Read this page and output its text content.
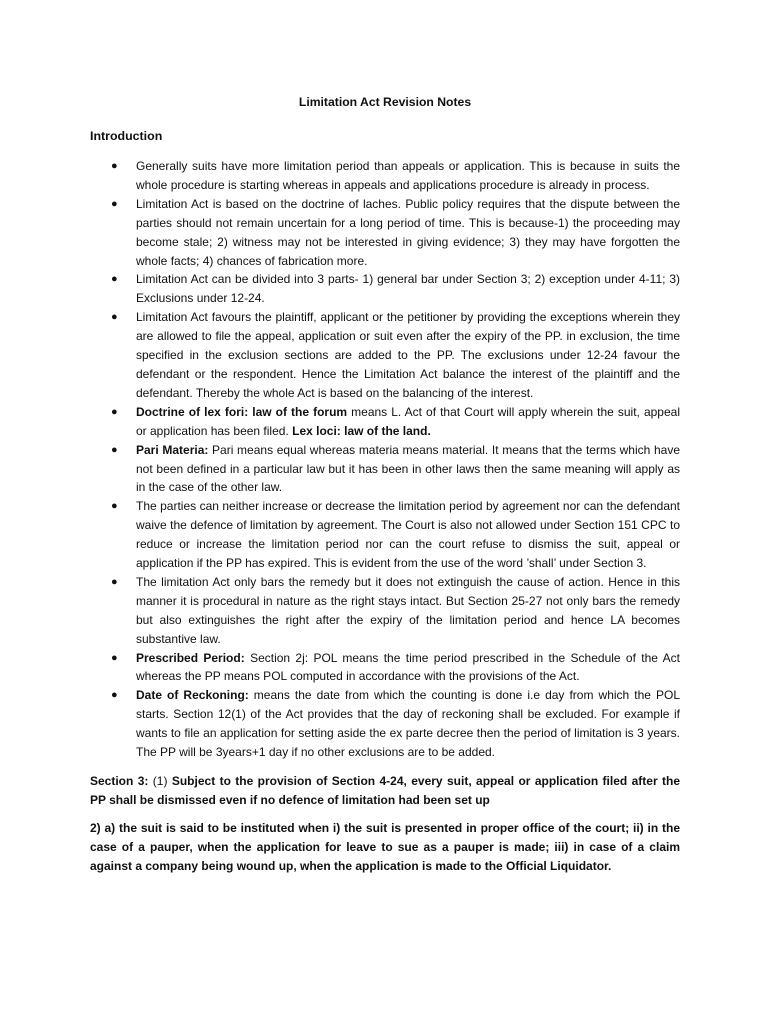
Limitation Act Revision Notes
Introduction
● Generally suits have more limitation period than appeals or application. This is because in suits the whole procedure is starting whereas in appeals and applications procedure is already in process.
● Limitation Act is based on the doctrine of laches. Public policy requires that the dispute between the parties should not remain uncertain for a long period of time. This is because-1) the proceeding may become stale; 2) witness may not be interested in giving evidence; 3) they may have forgotten the whole facts; 4) chances of fabrication more.
● Limitation Act can be divided into 3 parts- 1) general bar under Section 3; 2) exception under 4-11; 3) Exclusions under 12-24.
● Limitation Act favours the plaintiff, applicant or the petitioner by providing the exceptions wherein they are allowed to file the appeal, application or suit even after the expiry of the PP. in exclusion, the time specified in the exclusion sections are added to the PP. The exclusions under 12-24 favour the defendant or the respondent. Hence the Limitation Act balance the interest of the plaintiff and the defendant. Thereby the whole Act is based on the balancing of the interest.
● Doctrine of lex fori: law of the forum means L. Act of that Court will apply wherein the suit, appeal or application has been filed. Lex loci: law of the land.
● Pari Materia: Pari means equal whereas materia means material. It means that the terms which have not been defined in a particular law but it has been in other laws then the same meaning will apply as in the case of the other law.
● The parties can neither increase or decrease the limitation period by agreement nor can the defendant waive the defence of limitation by agreement. The Court is also not allowed under Section 151 CPC to reduce or increase the limitation period nor can the court refuse to dismiss the suit, appeal or application if the PP has expired. This is evident from the use of the word ’shall’ under Section 3.
● The limitation Act only bars the remedy but it does not extinguish the cause of action. Hence in this manner it is procedural in nature as the right stays intact. But Section 25-27 not only bars the remedy but also extinguishes the right after the expiry of the limitation period and hence LA becomes substantive law.
● Prescribed Period: Section 2j: POL means the time period prescribed in the Schedule of the Act whereas the PP means POL computed in accordance with the provisions of the Act.
● Date of Reckoning: means the date from which the counting is done i.e day from which the POL starts. Section 12(1) of the Act provides that the day of reckoning shall be excluded. For example if wants to file an application for setting aside the ex parte decree then the period of limitation is 3 years. The PP will be 3years+1 day if no other exclusions are to be added.

Section 3: (1) Subject to the provision of Section 4-24, every suit, appeal or application filed after the PP shall be dismissed even if no defence of limitation had been set up

2) a) the suit is said to be instituted when i) the suit is presented in proper office of the court; ii) in the case of a pauper, when the application for leave to sue as a pauper is made; iii) in case of a claim against a company being wound up, when the application is made to the Official Liquidator.
